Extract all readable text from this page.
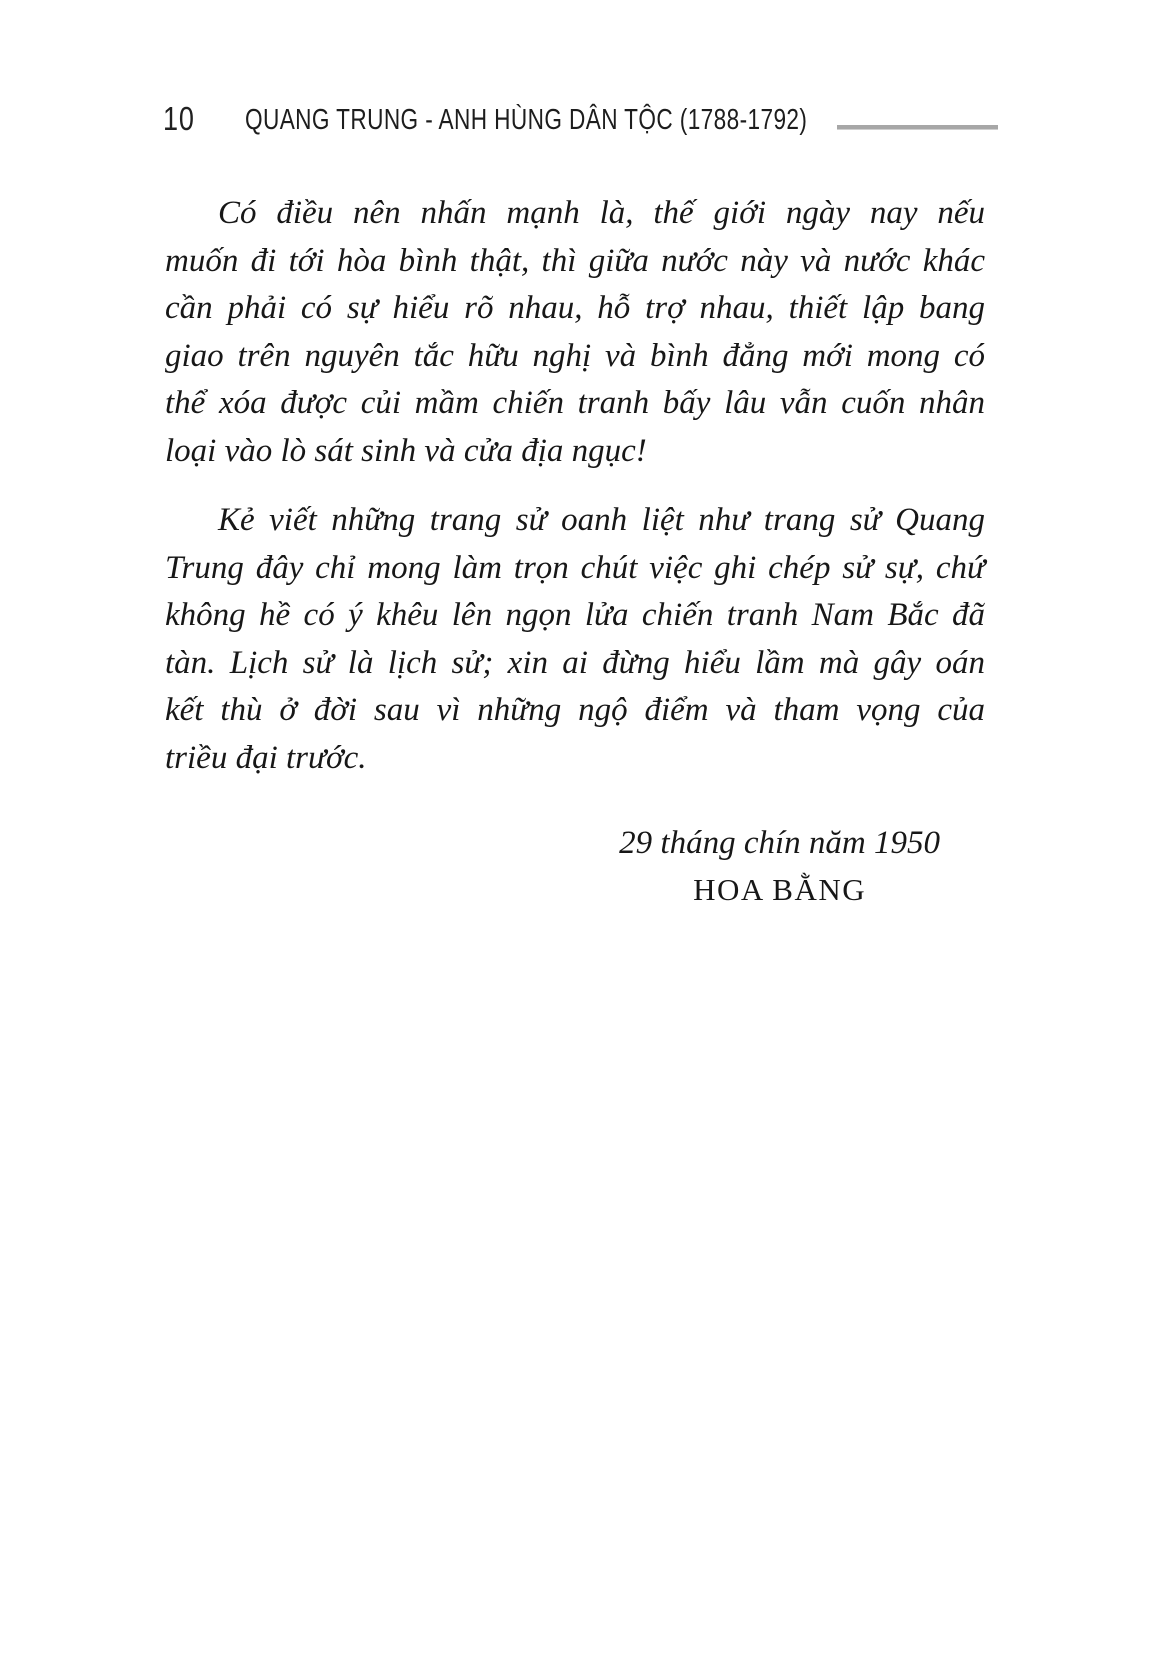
10 QUANG TRUNG - ANH HÙNG DÂN TỘC (1788-1792)

Có điều nên nhấn mạnh là, thế giới ngày nay nếu
muốn đi tới hòa bình thật, thì giữa nước này và nước khác
cần phải có sự hiểu rõ nhau, hỗ trợ nhau, thiết lập bang
giao trên nguyên tắc hữu nghị và bình đẳng mới mong có
thể xóa được củi mầm chiến tranh bấy lâu vẫn cuốn nhân
loại vào lò sát sinh và cửa địa ngục!

Kẻ viết những trang sử oanh liệt như trang sử Quang
Trung đây chỉ mong làm trọn chút việc ghi chép sử sự, chứ
không hề có ý khêu lên ngọn lửa chiến tranh Nam Bắc đã
tàn. Lịch sử là lịch sử; xin ai đừng hiểu lầm mà gây oán
kết thù ở đời sau vì những ngộ điểm và tham vọng của
triều đại trước.

29 tháng chín năm 1950
HOA BẰNG
